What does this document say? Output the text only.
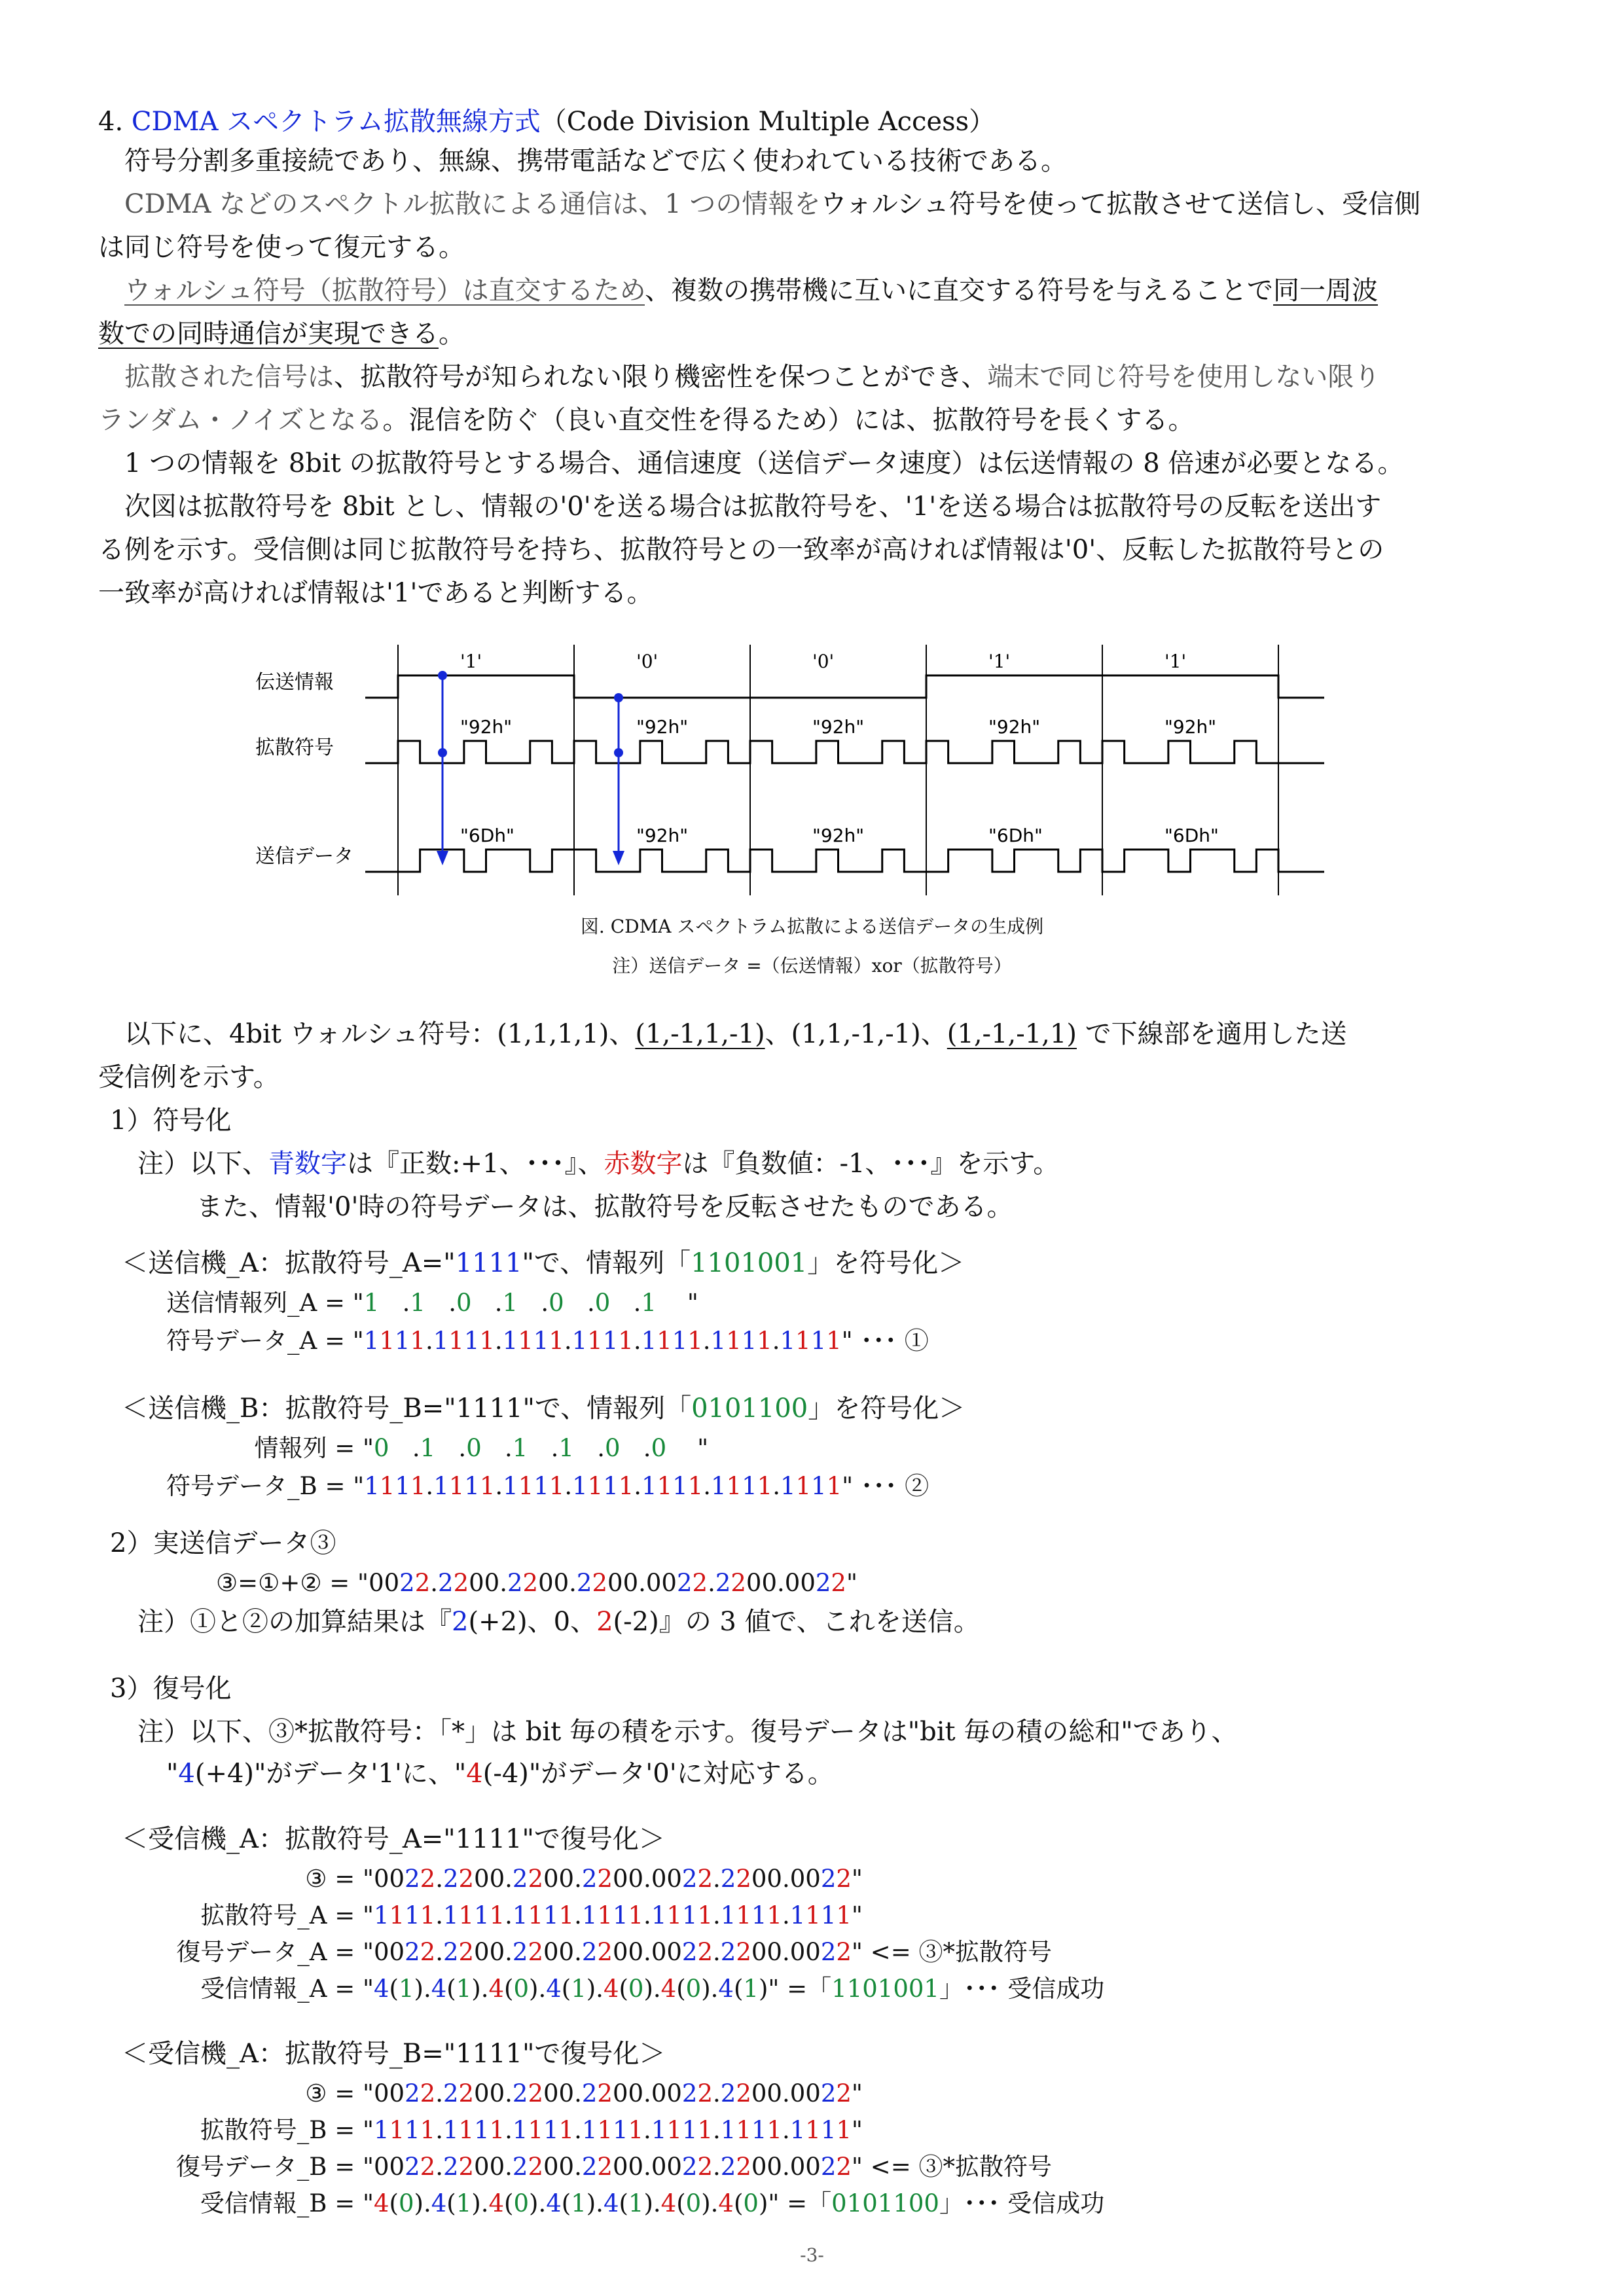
4. CDMA スペクトラム拡散無線方式（Code Division Multiple Access）
符号分割多重接続であり、無線、携帯電話などで広く使われている技術である。
CDMA などのスペクトル拡散による通信は、1 つの情報をウォルシュ符号を使って拡散させて送信し、受信側
は同じ符号を使って復元する。
ウォルシュ符号（拡散符号）は直交するため、複数の携帯機に互いに直交する符号を与えることで同一周波
数での同時通信が実現できる。
拡散された信号は、拡散符号が知られない限り機密性を保つことができ、端末で同じ符号を使用しない限り
ランダム・ノイズとなる。混信を防ぐ（良い直交性を得るため）には、拡散符号を長くする。
1 つの情報を 8bit の拡散符号とする場合、通信速度（送信データ速度）は伝送情報の 8 倍速が必要となる。
次図は拡散符号を 8bit とし、情報の'0'を送る場合は拡散符号を、'1'を送る場合は拡散符号の反転を送出す
る例を示す。受信側は同じ拡散符号を持ち、拡散符号との一致率が高ければ情報は'0'、反転した拡散符号との
一致率が高ければ情報は'1'であると判断する。
伝送情報
拡散符号
送信データ
'1'
"92h"
"6Dh"
'0'
"92h"
"92h"
'0'
"92h"
"92h"
'1'
"92h"
"6Dh"
'1'
"92h"
"6Dh"
図. CDMA スペクトラム拡散による送信データの生成例
注）送信データ =（伝送情報）xor（拡散符号）
以下に、4bit ウォルシュ符号：(1,1,1,1)、(1,-1,1,-1)、(1,1,-1,-1)、(1,-1,-1,1) で下線部を適用した送
受信例を示す。
1）符号化
注）以下、青数字は『正数:+1、･･･』、赤数字は『負数値：-1、･･･』を示す。
また、情報'0'時の符号データは、拡散符号を反転させたものである。
＜送信機_A：拡散符号_A="1111"で、情報列「1101001」を符号化＞
送信情報列_A = "1   .1   .0   .1   .0   .0   .1    "
符号データ_A = "1111.1111.1111.1111.1111.1111.1111" ･･･ ①
＜送信機_B：拡散符号_B="1111"で、情報列「0101100」を符号化＞
情報列 = "0   .1   .0   .1   .1   .0   .0    "
符号データ_B = "1111.1111.1111.1111.1111.1111.1111" ･･･ ②
2）実送信データ③
③=①+② = "0022.2200.2200.2200.0022.2200.0022"
注）①と②の加算結果は『2(+2)、0、2(-2)』の 3 値で、これを送信。
3）復号化
注）以下、③*拡散符号：「*」は bit 毎の積を示す。復号データは"bit 毎の積の総和"であり、
"4(+4)"がデータ'1'に、"4(-4)"がデータ'0'に対応する。
＜受信機_A：拡散符号_A="1111"で復号化＞
③ = "0022.2200.2200.2200.0022.2200.0022"
拡散符号_A = "1111.1111.1111.1111.1111.1111.1111"
復号データ_A = "0022.2200.2200.2200.0022.2200.0022" <= ③*拡散符号
受信情報_A = "4(1).4(1).4(0).4(1).4(0).4(0).4(1)" =「1101001」･･･ 受信成功
＜受信機_A：拡散符号_B="1111"で復号化＞
③ = "0022.2200.2200.2200.0022.2200.0022"
拡散符号_B = "1111.1111.1111.1111.1111.1111.1111"
復号データ_B = "0022.2200.2200.2200.0022.2200.0022" <= ③*拡散符号
受信情報_B = "4(0).4(1).4(0).4(1).4(1).4(0).4(0)" =「0101100」･･･ 受信成功
-3-
